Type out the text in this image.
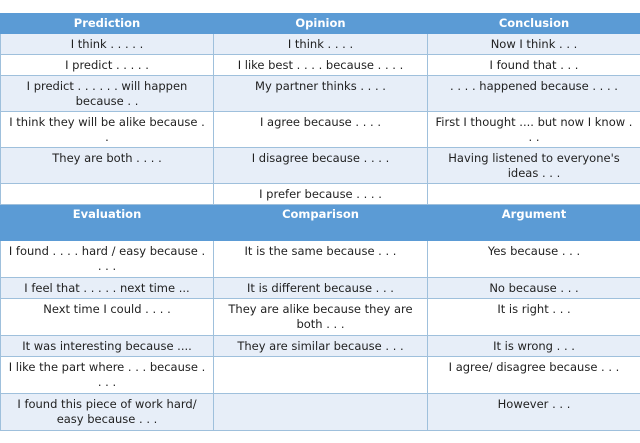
Prediction	Opinion	Conclusion
I think . . . . .	I think . . . .	Now I think . . .
I predict . . . . .	I like best . . . . because . . . .	I found that . . .
I predict . . . . . . will happen because . .	My partner thinks . . . .	. . . . happened because . . . .
I think they will be alike because . .	I agree because . . . .	First I thought .... but now I know . . .
They are both . . . .	I disagree because . . . .	Having listened to everyone's ideas . . .
	I prefer because . . . .	
Evaluation	Comparison	Argument
I found . . . . hard / easy because . . . .	It is the same because . . .	Yes because . . .
I feel that . . . . . next time ...	It is different because . . .	No because . . .
Next time I could . . . .	They are alike because they are both . . .	It is right . . .
It was interesting because ....	They are similar because . . .	It is wrong . . .
I like the part where . . . because . . . .		I agree/ disagree because . . .
I found this piece of work hard/ easy because . . .		However . . .
